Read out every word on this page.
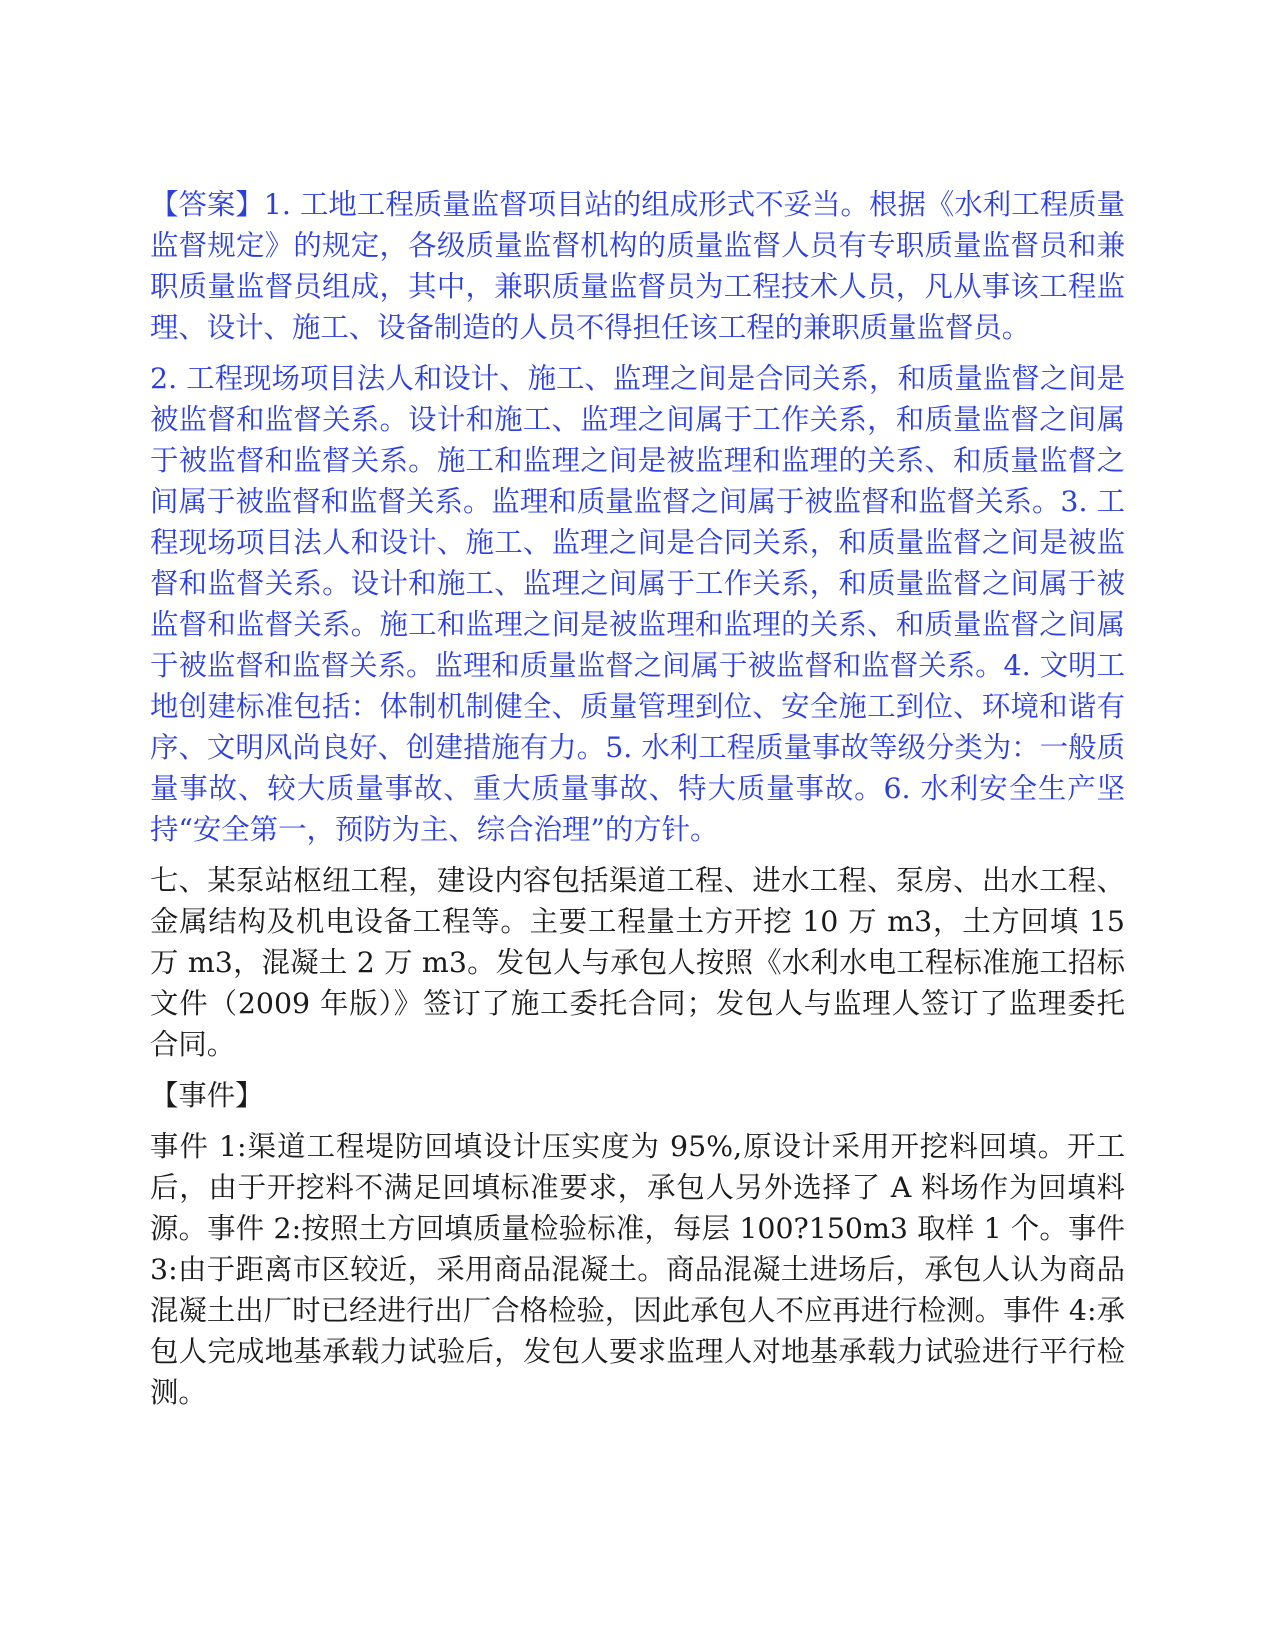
【答案】1. 工地工程质量监督项目站的组成形式不妥当。根据《水利工程质量监督规定》的规定，各级质量监督机构的质量监督人员有专职质量监督员和兼职质量监督员组成，其中，兼职质量监督员为工程技术人员，凡从事该工程监理、设计、施工、设备制造的人员不得担任该工程的兼职质量监督员。

2. 工程现场项目法人和设计、施工、监理之间是合同关系，和质量监督之间是被监督和监督关系。设计和施工、监理之间属于工作关系，和质量监督之间属于被监督和监督关系。施工和监理之间是被监理和监理的关系、和质量监督之间属于被监督和监督关系。监理和质量监督之间属于被监督和监督关系。3. 工程现场项目法人和设计、施工、监理之间是合同关系，和质量监督之间是被监督和监督关系。设计和施工、监理之间属于工作关系，和质量监督之间属于被监督和监督关系。施工和监理之间是被监理和监理的关系、和质量监督之间属于被监督和监督关系。监理和质量监督之间属于被监督和监督关系。4. 文明工地创建标准包括：体制机制健全、质量管理到位、安全施工到位、环境和谐有序、文明风尚良好、创建措施有力。5. 水利工程质量事故等级分类为：一般质量事故、较大质量事故、重大质量事故、特大质量事故。6. 水利安全生产坚持“安全第一，预防为主、综合治理”的方针。

七、某泵站枢纽工程，建设内容包括渠道工程、进水工程、泵房、出水工程、金属结构及机电设备工程等。主要工程量土方开挖 10 万 m3，土方回填 15 万 m3，混凝土 2 万 m3。发包人与承包人按照《水利水电工程标准施工招标文件（2009 年版）》签订了施工委托合同；发包人与监理人签订了监理委托合同。

【事件】

事件 1:渠道工程堤防回填设计压实度为 95%,原设计采用开挖料回填。开工后，由于开挖料不满足回填标准要求，承包人另外选择了 A 料场作为回填料源。事件 2:按照土方回填质量检验标准，每层 100?150m3 取样 1 个。事件 3:由于距离市区较近，采用商品混凝土。商品混凝土进场后，承包人认为商品混凝土出厂时已经进行出厂合格检验，因此承包人不应再进行检测。事件 4:承包人完成地基承载力试验后，发包人要求监理人对地基承载力试验进行平行检测。
